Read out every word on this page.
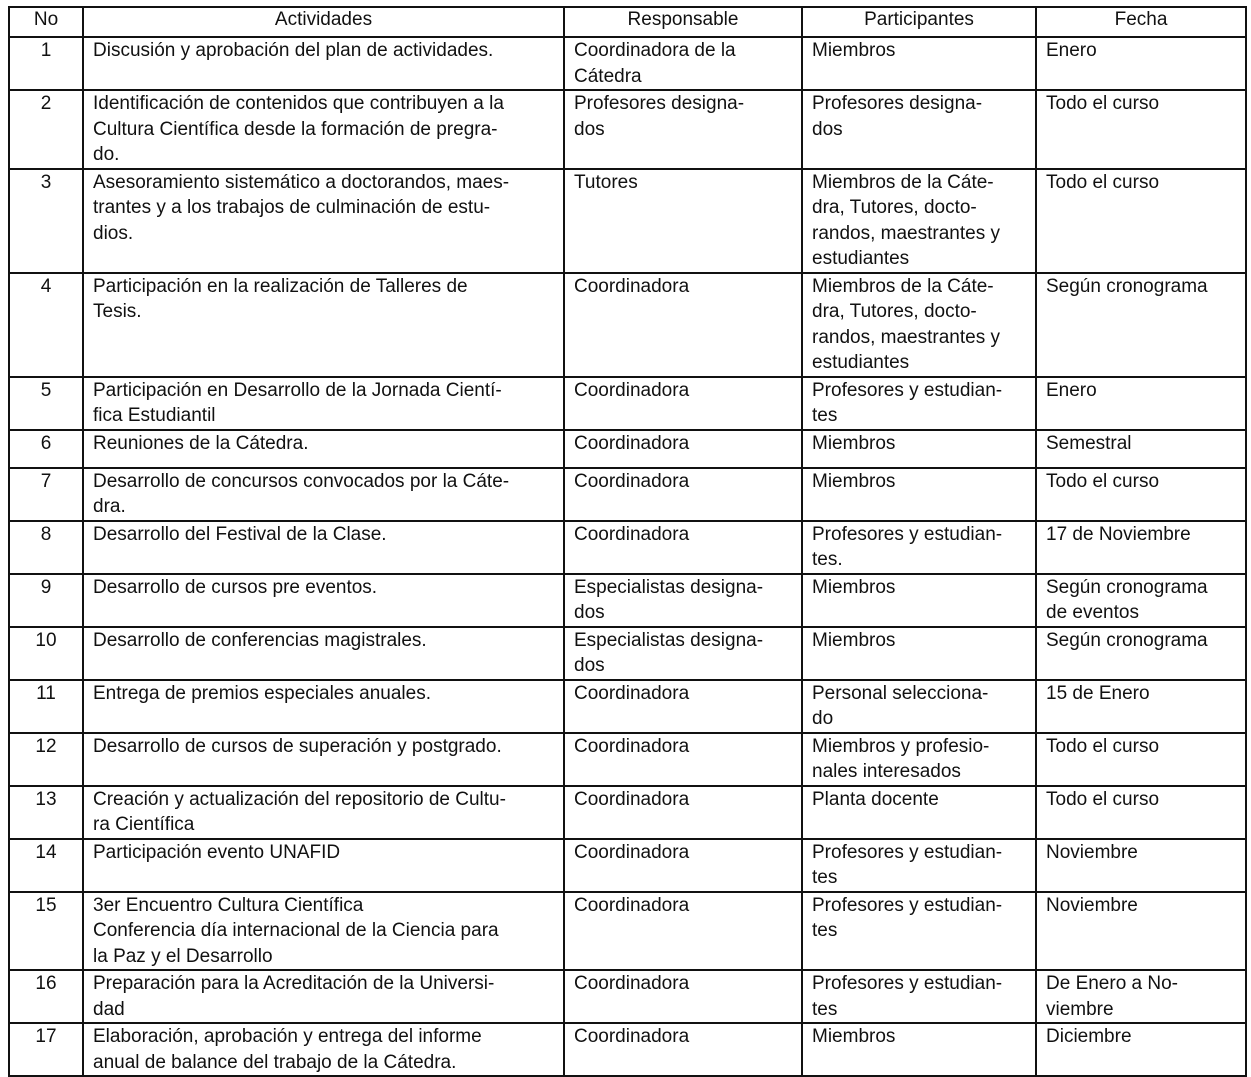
No	Actividades	Responsable	Participantes	Fecha
1	Discusión y aprobación del plan de actividades.	Coordinadora de la
Cátedra	Miembros	Enero
2	Identificación de contenidos que contribuyen a la
Cultura Científica desde la formación de pregra-
do.	Profesores designa-
dos	Profesores designa-
dos	Todo el curso
3	Asesoramiento sistemático a doctorandos, maes-
trantes y a los trabajos de culminación de estu-
dios.	Tutores	Miembros de la Cáte-
dra, Tutores, docto-
randos, maestrantes y
estudiantes	Todo el curso
4	Participación en la realización de Talleres de
Tesis.	Coordinadora	Miembros de la Cáte-
dra, Tutores, docto-
randos, maestrantes y
estudiantes	Según cronograma
5	Participación en Desarrollo de la Jornada Cientí-
fica Estudiantil	Coordinadora	Profesores y estudian-
tes	Enero
6	Reuniones de la Cátedra.	Coordinadora	Miembros	Semestral
7	Desarrollo de concursos convocados por la Cáte-
dra.	Coordinadora	Miembros	Todo el curso
8	Desarrollo del Festival de la Clase.	Coordinadora	Profesores y estudian-
tes.	17 de Noviembre
9	Desarrollo de cursos pre eventos.	Especialistas designa-
dos	Miembros	Según cronograma
de eventos
10	Desarrollo de conferencias magistrales.	Especialistas designa-
dos	Miembros	Según cronograma
11	Entrega de premios especiales anuales.	Coordinadora	Personal selecciona-
do	15 de Enero
12	Desarrollo de cursos de superación y postgrado.	Coordinadora	Miembros y profesio-
nales interesados	Todo el curso
13	Creación y actualización del repositorio de Cultu-
ra Científica	Coordinadora	Planta docente	Todo el curso
14	Participación evento UNAFID	Coordinadora	Profesores y estudian-
tes	Noviembre
15	3er Encuentro Cultura Científica
Conferencia día internacional de la Ciencia para
la Paz y el Desarrollo	Coordinadora	Profesores y estudian-
tes	Noviembre
16	Preparación para la Acreditación de la Universi-
dad	Coordinadora	Profesores y estudian-
tes	De Enero a No-
viembre
17	Elaboración, aprobación y entrega del informe
anual de balance del trabajo de la Cátedra.	Coordinadora	Miembros	Diciembre
